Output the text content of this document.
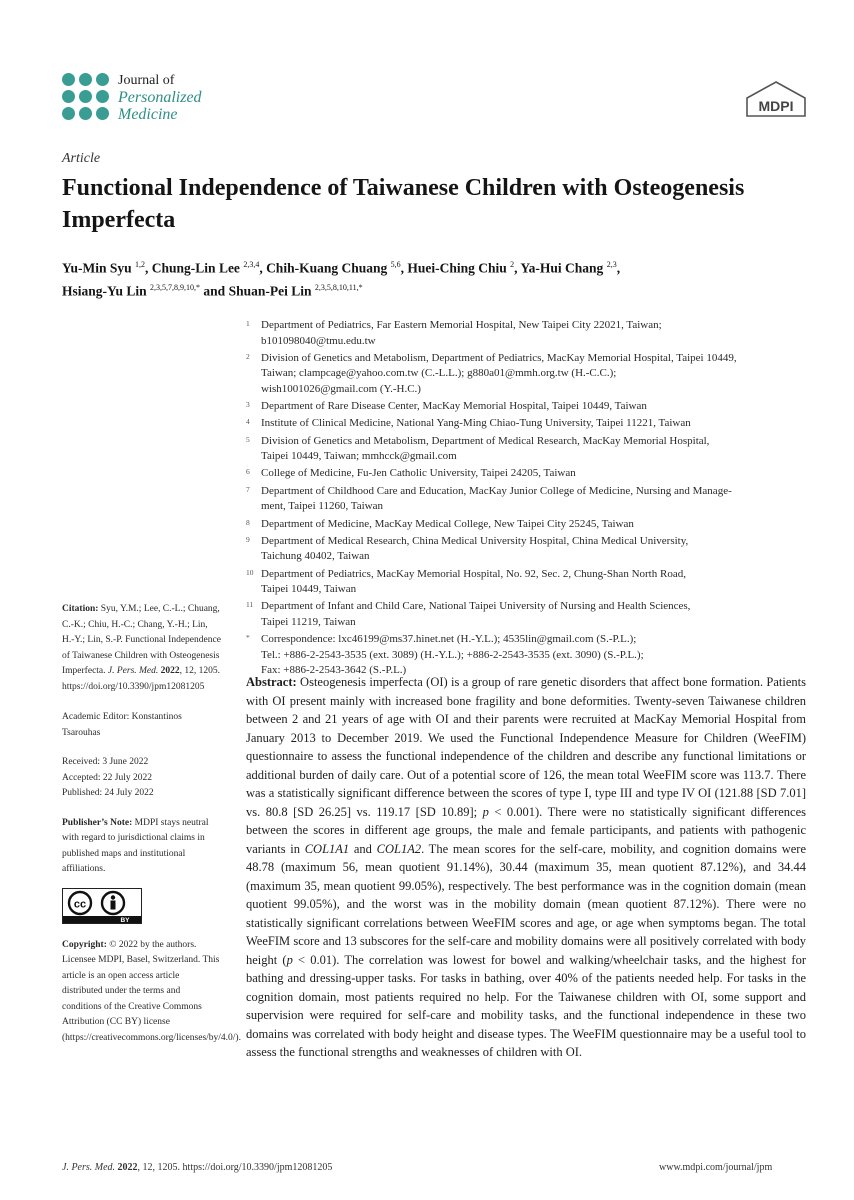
Journal of
Personalized
Medicine	MDPI
Article
Functional Independence of Taiwanese Children with Osteogenesis Imperfecta
Yu-Min Syu $^{1,2}$, Chung-Lin Lee $^{2,3,4}$, Chih-Kuang Chuang $^{5,6}$, Huei-Ching Chiu $^2$, Ya-Hui Chang $^{2,3}$,
Hsiang-Yu Lin $^{2,3,5,7,8,9,10,*}$ and Shuan-Pei Lin $^{2,3,5,8,10,11,*}$
1 Department of Pediatrics, Far Eastern Memorial Hospital, New Taipei City 22021, Taiwan;
b101098040@tmu.edu.tw
2 Division of Genetics and Metabolism, Department of Pediatrics, MacKay Memorial Hospital, Taipei 10449,
Taiwan; clampcage@yahoo.com.tw (C.-L.L.); g880a01@mmh.org.tw (H.-C.C.);
wish1001026@gmail.com (Y.-H.C.)
3 Department of Rare Disease Center, MacKay Memorial Hospital, Taipei 10449, Taiwan
4 Institute of Clinical Medicine, National Yang-Ming Chiao-Tung University, Taipei 11221, Taiwan
5 Division of Genetics and Metabolism, Department of Medical Research, MacKay Memorial Hospital,
Taipei 10449, Taiwan; mmhcck@gmail.com
6 College of Medicine, Fu-Jen Catholic University, Taipei 24205, Taiwan
7 Department of Childhood Care and Education, MacKay Junior College of Medicine, Nursing and Manage-
ment, Taipei 11260, Taiwan
8 Department of Medicine, MacKay Medical College, New Taipei City 25245, Taiwan
9 Department of Medical Research, China Medical University Hospital, China Medical University,
Taichung 40402, Taiwan
10 Department of Pediatrics, MacKay Memorial Hospital, No. 92, Sec. 2, Chung-Shan North Road,
Taipei 10449, Taiwan
11 Department of Infant and Child Care, National Taipei University of Nursing and Health Sciences,
Taipei 11219, Taiwan
* Correspondence: lxc46199@ms37.hinet.net (H.-Y.L.); 4535lin@gmail.com (S.-P.L.);
Tel.: +886-2-2543-3535 (ext. 3089) (H.-Y.L.); +886-2-2543-3535 (ext. 3090) (S.-P.L.);
Fax: +886-2-2543-3642 (S.-P.L.)

Citation: Syu, Y.M.; Lee, C.-L.; Chuang, C.-K.; Chiu, H.-C.; Chang, Y.-H.; Lin, H.-Y.; Lin, S.-P. Functional Independence of Taiwanese Children with Osteogenesis Imperfecta. J. Pers. Med. 2022, 12, 1205. https://doi.org/10.3390/jpm12081205

Academic Editor: Konstantinos Tsarouhas

Received: 3 June 2022

Accepted: 22 July 2022

Published: 24 July 2022

Publisher’s Note: MDPI stays neutral with regard to jurisdictional claims in published maps and institutional affiliations.

cc
BY

Copyright: © 2022 by the authors. Licensee MDPI, Basel, Switzerland. This article is an open access article distributed under the terms and conditions of the Creative Commons Attribution (CC BY) license (https://creativecommons.org/licenses/by/4.0/).

Abstract: Osteogenesis imperfecta (OI) is a group of rare genetic disorders that affect bone formation. Patients with OI present mainly with increased bone fragility and bone deformities. Twenty-seven Taiwanese children between 2 and 21 years of age with OI and their parents were recruited at MacKay Memorial Hospital from January 2013 to December 2019. We used the Functional Independence Measure for Children (WeeFIM) questionnaire to assess the functional independence of the children and describe any functional limitations or additional burden of daily care. Out of a potential score of 126, the mean total WeeFIM score was 113.7. There was a statistically significant difference between the scores of type I, type III and type IV OI (121.88 [SD 7.01] vs. 80.8 [SD 26.25] vs. 119.17 [SD 10.89]; p < 0.001). There were no statistically significant differences between the scores in different age groups, the male and female participants, and patients with pathogenic variants in COL1A1 and COL1A2. The mean scores for the self-care, mobility, and cognition domains were 48.78 (maximum 56, mean quotient 91.14%), 30.44 (maximum 35, mean quotient 87.12%), and 34.44 (maximum 35, mean quotient 99.05%), respectively. The best performance was in the cognition domain (mean quotient 99.05%), and the worst was in the mobility domain (mean quotient 87.12%). There were no statistically significant correlations between WeeFIM scores and age, or age when symptoms began. The total WeeFIM score and 13 subscores for the self-care and mobility domains were all positively correlated with body height (p < 0.01). The correlation was lowest for bowel and walking/wheelchair tasks, and the highest for bathing and dressing-upper tasks. For tasks in bathing, over 40% of the patients needed help. For tasks in the cognition domain, most patients required no help. For the Taiwanese children with OI, some support and supervision were required for self-care and mobility tasks, and the functional independence in these two domains was correlated with body height and disease types. The WeeFIM questionnaire may be a useful tool to assess the functional strengths and weaknesses of children with OI.

J. Pers. Med. 2022, 12, 1205. https://doi.org/10.3390/jpm12081205	www.mdpi.com/journal/jpm
